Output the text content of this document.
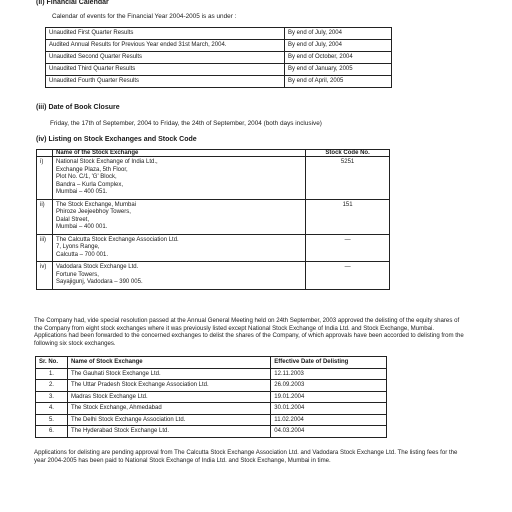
(ii) Financial Calendar
Calendar of events for the Financial Year 2004-2005 is as under :
Unaudited First Quarter Results	By end of July, 2004
Audited Annual Results for Previous Year ended 31st March, 2004.	By end of July, 2004
Unaudited Second Quarter Results	By end of October, 2004
Unaudited Third Quarter Results	By end of January, 2005
Unaudited Fourth Quarter Results	By end of April, 2005
(iii) Date of Book Closure
Friday, the 17th of September, 2004 to Friday, the 24th of September, 2004 (both days inclusive)
(iv) Listing on Stock Exchanges and Stock Code
	Name of the Stock Exchange	Stock Code No.
i)	National Stock Exchange of India Ltd.,
Exchange Plaza, 5th Floor,
Plot No. C/1, 'G' Block,
Bandra – Kurla Complex,
Mumbai – 400 051.	5251
ii)	The Stock Exchange, Mumbai
Phiroze Jeejeebhoy Towers,
Dalal Street,
Mumbai – 400 001.	151
iii)	The Calcutta Stock Exchange Association Ltd.
7, Lyons Range,
Calcutta – 700 001.	—
iv)	Vadodara Stock Exchange Ltd.
Fortune Towers,
Sayajigunj, Vadodara – 390 005.	—
The Company had, vide special resolution passed at the Annual General Meeting held on 24th September, 2003 approved the delisting of the equity shares of the Company from eight stock exchanges where it was previously listed except National Stock Exchange of India Ltd. and Stock Exchange, Mumbai. Applications had been forwarded to the concerned exchanges to delist the shares of the Company, of which approvals have been accorded to delisting from the following six stock exchanges.
Sr. No.	Name of Stock Exchange	Effective Date of Delisting
1.	The Gauhati Stock Exchange Ltd.	12.11.2003
2.	The Uttar Pradesh Stock Exchange Association Ltd.	26.09.2003
3.	Madras Stock Exchange Ltd.	19.01.2004
4.	The Stock Exchange, Ahmedabad	30.01.2004
5.	The Delhi Stock Exchange Association Ltd.	11.02.2004
6.	The Hyderabad Stock Exchange Ltd.	04.03.2004
Applications for delisting are pending approval from The Calcutta Stock Exchange Association Ltd. and Vadodara Stock Exchange Ltd. The listing fees for the year 2004-2005 has been paid to National Stock Exchange of India Ltd. and Stock Exchange, Mumbai in time.
